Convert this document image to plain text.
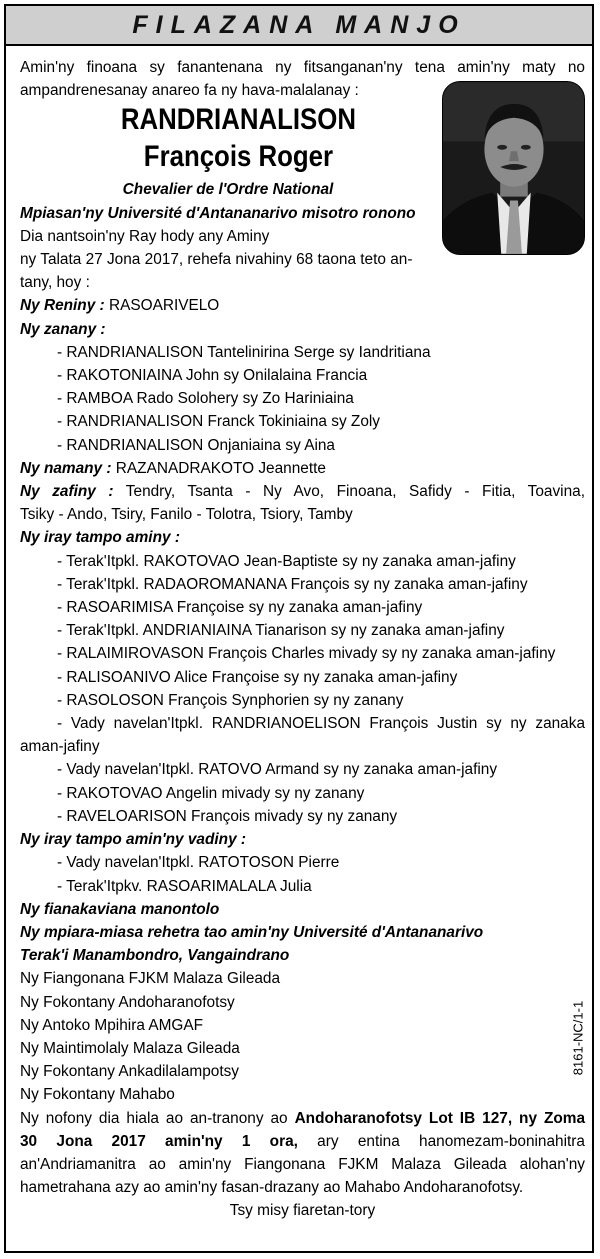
FILAZANA MANJO

Amin'ny finoana sy fanantenana ny fitsanganan'ny tena amin'ny maty no

ampandrenesanay anareo fa ny hava-malalanay :

RANDRIANALISON

François Roger

Chevalier de l'Ordre National

Mpiasan'ny Université d'Antananarivo misotro ronono

Dia nantsoin'ny Ray hody any Aminy

ny Talata 27 Jona 2017, rehefa nivahiny 68 taona teto an-tany, hoy :

Ny Reniny : RASOARIVELO

Ny zanany :

- RANDRIANALISON Tantelinirina Serge sy Iandritiana

- RAKOTONIAINA John sy Onilalaina Francia

- RAMBOA Rado Solohery sy Zo Hariniaina

- RANDRIANALISON Franck Tokiniaina sy Zoly

- RANDRIANALISON Onjaniaina sy Aina

Ny namany : RAZANADRAKOTO Jeannette

Ny zafiny : Tendry, Tsanta - Ny Avo, Finoana, Safidy - Fitia, Toavina,

Tsiky - Ando, Tsiry, Fanilo - Tolotra, Tsiory, Tamby

Ny iray tampo aminy :

- Terak'Itpkl. RAKOTOVAO Jean-Baptiste sy ny zanaka aman-jafiny

- Terak'Itpkl. RADAOROMANANA François sy ny zanaka aman-jafiny

- RASOARIMISA Françoise sy ny zanaka aman-jafiny

- Terak'Itpkl. ANDRIANIAINA Tianarison sy ny zanaka aman-jafiny

- RALAIMIROVASON François Charles mivady sy ny zanaka aman-jafiny

- RALISOANIVO Alice Françoise sy ny zanaka aman-jafiny

- RASOLOSON François Synphorien sy ny zanany

- Vady navelan'Itpkl. RANDRIANOELISON François Justin sy ny zanaka

aman-jafiny

- Vady navelan'Itpkl. RATOVO Armand sy ny zanaka aman-jafiny

- RAKOTOVAO Angelin mivady sy ny zanany

- RAVELOARISON François mivady sy ny zanany

Ny iray tampo amin'ny vadiny :

- Vady navelan'Itpkl. RATOTOSON Pierre

- Terak'Itpkv. RASOARIMALALA Julia

Ny fianakaviana manontolo

Ny mpiara-miasa rehetra tao amin'ny Université d'Antananarivo

Terak'i Manambondro, Vangaindrano

Ny Fiangonana FJKM Malaza Gileada

Ny Fokontany Andoharanofotsy

Ny Antoko Mpihira AMGAF

Ny Maintimolaly Malaza Gileada

Ny Fokontany Ankadilalampotsy

Ny Fokontany Mahabo

Ny nofony dia hiala ao an-tranony ao Andoharanofotsy Lot IB 127, ny Zoma

30 Jona 2017 amin'ny 1 ora, ary entina hanomezam-boninahitra

an'Andriamanitra ao amin'ny Fiangonana FJKM Malaza Gileada alohan'ny

hametrahana azy ao amin'ny fasan-drazany ao Mahabo Andoharanofotsy.

Tsy misy fiaretan-tory

8161-NC/1-1
